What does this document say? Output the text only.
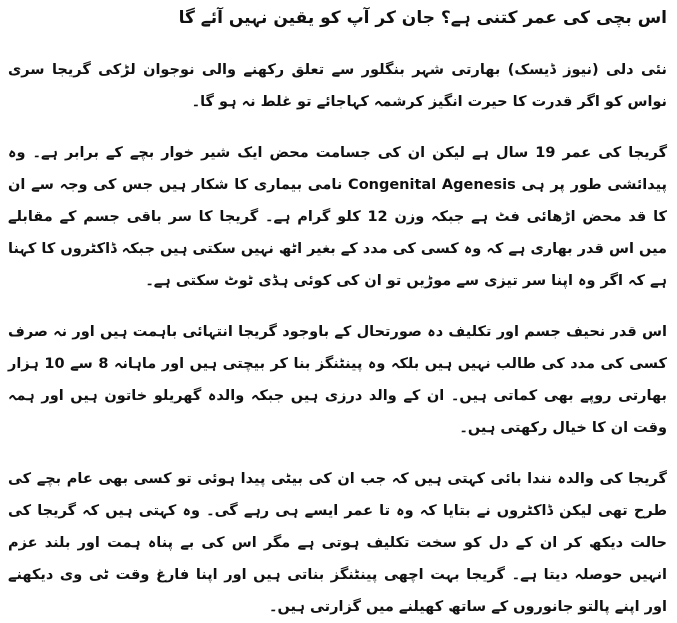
اس بچی کی عمر کتنی ہے؟ جان کر آپ کو یقین نہیں آئے گا

نئی دلی (نیوز ڈیسک) بھارتی شہر بنگلور سے تعلق رکھنے والی نوجوان لڑکی گریجا سری نواس کو اگر قدرت کا حیرت انگیز کرشمہ کہاجائے تو غلط نہ ہو گا۔

گریجا کی عمر 19 سال ہے لیکن ان کی جسامت محض ایک شیر خوار بچے کے برابر ہے۔ وہ پیدائشی طور پر ہی Congenital Agenesis نامی بیماری کا شکار ہیں جس کی وجہ سے ان کا قد محض اڑھائی فٹ ہے جبکہ وزن 12 کلو گرام ہے۔ گریجا کا سر باقی جسم کے مقابلے میں اس قدر بھاری ہے کہ وہ کسی کی مدد کے بغیر اٹھ نہیں سکتی ہیں جبکہ ڈاکٹروں کا کہنا ہے کہ اگر وہ اپنا سر تیزی سے موڑیں تو ان کی کوئی ہڈی ٹوٹ سکتی ہے۔

اس قدر نحیف جسم اور تکلیف دہ صورتحال کے باوجود گریجا انتہائی باہمت ہیں اور نہ صرف کسی کی مدد کی طالب نہیں ہیں بلکہ وہ پینٹنگز بنا کر بیچتی ہیں اور ماہانہ 8 سے 10 ہزار بھارتی روپے بھی کماتی ہیں۔ ان کے والد درزی ہیں جبکہ والدہ گھریلو خاتون ہیں اور ہمہ وقت ان کا خیال رکھتی ہیں۔

گریجا کی والدہ نندا بائی کہتی ہیں کہ جب ان کی بیٹی پیدا ہوئی تو کسی بھی عام بچے کی طرح تھی لیکن ڈاکٹروں نے بتایا کہ وہ تا عمر ایسے ہی رہے گی۔ وہ کہتی ہیں کہ گریجا کی حالت دیکھ کر ان کے دل کو سخت تکلیف ہوتی ہے مگر اس کی بے پناہ ہمت اور بلند عزم انہیں حوصلہ دیتا ہے۔ گریجا بہت اچھی پینٹنگز بناتی ہیں اور اپنا فارغ وقت ٹی وی دیکھنے اور اپنے پالتو جانوروں کے ساتھ کھیلنے میں گزارتی ہیں۔
